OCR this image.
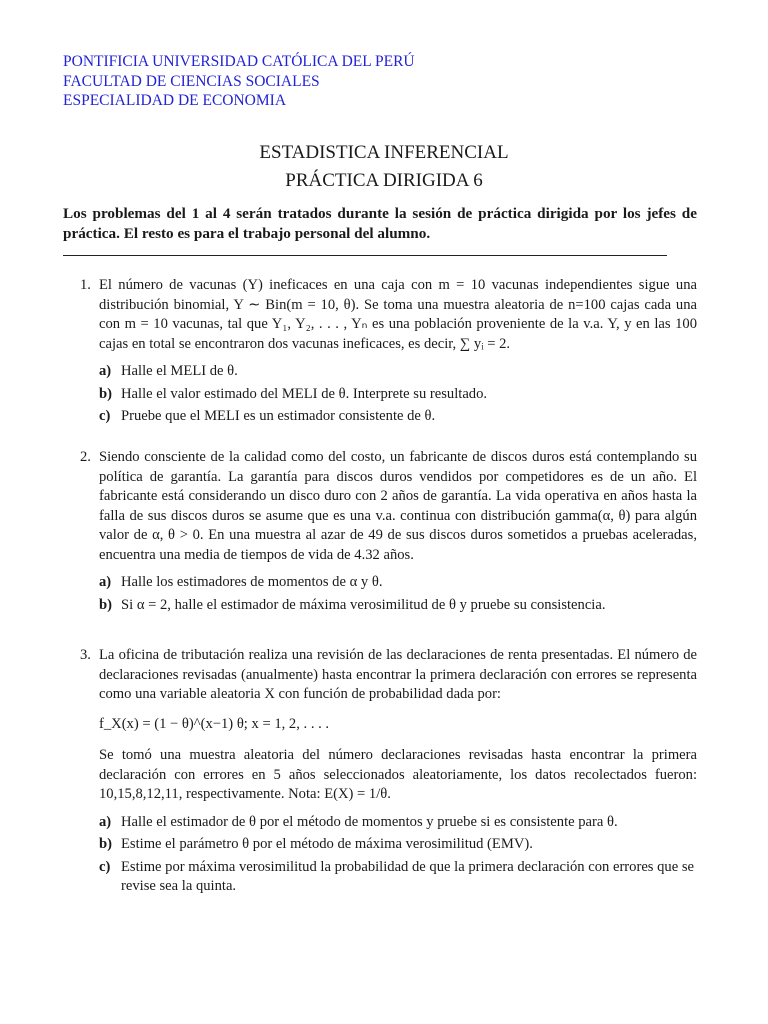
PONTIFICIA UNIVERSIDAD CATÓLICA DEL PERÚ
FACULTAD DE CIENCIAS SOCIALES
ESPECIALIDAD DE ECONOMIA
ESTADISTICA INFERENCIAL
PRÁCTICA DIRIGIDA 6
Los problemas del 1 al 4 serán tratados durante la sesión de práctica dirigida por los jefes de práctica. El resto es para el trabajo personal del alumno.
1. El número de vacunas (Y) ineficaces en una caja con m = 10 vacunas independientes sigue una distribución binomial, Y ∼ Bin(m = 10, θ). Se toma una muestra aleatoria de n=100 cajas cada una con m = 10 vacunas, tal que Y₁, Y₂, . . . , Yₙ es una población proveniente de la v.a. Y, y en las 100 cajas en total se encontraron dos vacunas ineficaces, es decir, ∑ yᵢ = 2.
a) Halle el MELI de θ.
b) Halle el valor estimado del MELI de θ. Interprete su resultado.
c) Pruebe que el MELI es un estimador consistente de θ.
2. Siendo consciente de la calidad como del costo, un fabricante de discos duros está contemplando su política de garantía. La garantía para discos duros vendidos por competidores es de un año. El fabricante está considerando un disco duro con 2 años de garantía. La vida operativa en años hasta la falla de sus discos duros se asume que es una v.a. continua con distribución gamma(α, θ) para algún valor de α, θ > 0. En una muestra al azar de 49 de sus discos duros sometidos a pruebas aceleradas, encuentra una media de tiempos de vida de 4.32 años.
a) Halle los estimadores de momentos de α y θ.
b) Si α = 2, halle el estimador de máxima verosimilitud de θ y pruebe su consistencia.
3. La oficina de tributación realiza una revisión de las declaraciones de renta presentadas. El número de declaraciones revisadas (anualmente) hasta encontrar la primera declaración con errores se representa como una variable aleatoria X con función de probabilidad dada por:
f_X(x) = (1 − θ)^(x−1) θ; x = 1, 2, . . . .
Se tomó una muestra aleatoria del número declaraciones revisadas hasta encontrar la primera declaración con errores en 5 años seleccionados aleatoriamente, los datos recolectados fueron: 10,15,8,12,11, respectivamente. Nota: E(X) = 1/θ.
a) Halle el estimador de θ por el método de momentos y pruebe si es consistente para θ.
b) Estime el parámetro θ por el método de máxima verosimilitud (EMV).
c) Estime por máxima verosimilitud la probabilidad de que la primera declaración con errores que se revise sea la quinta.
